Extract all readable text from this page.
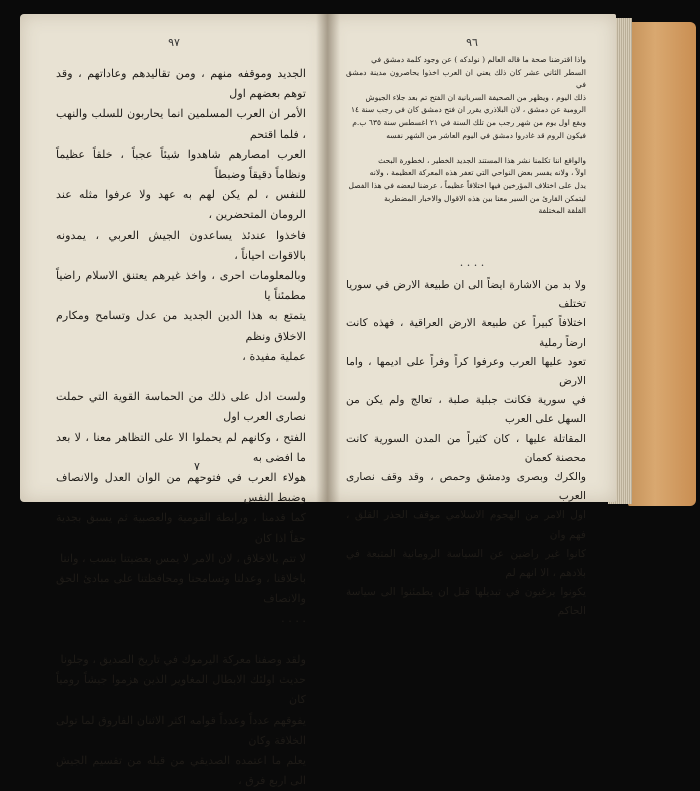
٩٧
الجديد وموقفه منهم ، ومن تقاليدهم وعاداتهم ، وقد توهم بعضهم اول
الأمر ان العرب المسلمين انما يحاربون للسلب والنهب ، فلما اقتحم
العرب امصارهم شاهدوا شيئاً عجباً ، خلقاً عظيماً ونظاماً دقيقاً وضبطاً
للنفس ، لم يكن لهم به عهد ولا عرفوا مثله عند الرومان المتحضرين ،
فاخذوا عندئذ يساعدون الجيش العربي ، يمدونه بالاقوات احياناً ،
وبالمعلومات احرى ، واخذ غيرهم يعتنق الاسلام راضياً مطمئناً يا
يتمتع به هذا الدين الجديد من عدل وتسامح ومكارم الاخلاق ونظم
عملية مفيدة ،

ولست ادل على ذلك من الحماسة القوية التي حملت نصارى العرب اول
الفتح ، وكانهم لم يحملوا الا على التظاهر معنا ، لا بعد ما افضى به
هولاء العرب في فتوحهم من الوان العدل والانصاف وضبط النفس
كما قدمنا ، ورابطة القومية والعصبية ثم يسبق بجدية حقاً اذا كان
لا تتم بالاخلاق ، لان الامر لا يمس بعضيتنا بنسب ، واننا
باخلاقنا ، وعدلنا وتسامحنا ومحافظتنا على مبادئ الحق والانصاف
. . . .

ولقد وصفنا معركة اليرموك في تاريخ الصديق ، وجلونا
حديث اولئك الابطال المغاوير الذين هزموا جيشاً رومياً كان
يفوقهم عدداً وعدداً قوامه اكثر الاثنان الفاروق لما تولى الخلافة وكان
يعلم ما اعتمده الصديقي من قبله من تقسيم الجيش الى اربع فرق ،
٧
٩٦
واذا اقترضنا صحة ما قاله العالم ( نولدكه ) عن وجود كلمة دمشق في
السطر الثاني عشر كان ذلك يعني ان العرب اخذوا يحاصرون مدينة دمشق في
ذلك اليوم ، ويظهر من الصحيفة السريانية ان الفتح تم بعد جلاء الجيوش
الرومية عن دمشق ، لان البلاذري يقرر ان فتح دمشق كان في رجب سنة ١٤
ويقع اول يوم من شهر رجب من تلك السنة في ٢١ اغسطس سنة ٦٣٥ ب.م
فيكون الروم قد غادروا دمشق في اليوم العاشر من الشهر نفسه

والواقع اننا تكلمنا نشر هذا المستند الجديد الخطير ، لخطورة البحث
اولاً ، ولانه يفسر بعض النواحي التي تعفر هذه المعركة العظيمة ، ولانه
يدل على اختلاف المؤرخين فيها اختلافاً عظيماً ، عرضنا لبعضه في هذا الفصل
ليتمكن القارئ من السير معنا بين هذه الاقوال والاخبار المضطربة
القلقة المختلفة
. . . .
ولا بد من الاشارة ايضاً الى ان طبيعة الارض في سوريا تختلف
اختلافاً كبيراً عن طبيعة الارض العراقية ، فهذه كانت ارضاً رملية
تعود عليها العرب وعرفوا كراً وفراً على اديمها ، واما الارض
في سورية فكانت جبلية صلبة ، تعالج ولم يكن من السهل على العرب
المقاتلة عليها ، كان كثيراً من المدن السورية كانت محصنة كعمان
والكرك وبصرى ودمشق وحمص ، وقد وقف نصارى العرب
اول الامر من الهجوم الاسلامي موقف الحذر القلق ، فهم وان
كانوا غير راضين عن السياسة الرومانية المتبعة في بلادهم ، الا انهم لم
يكونوا يرغبون في تبديلها قبل ان يطمئنوا الى سياسة الحاكم
